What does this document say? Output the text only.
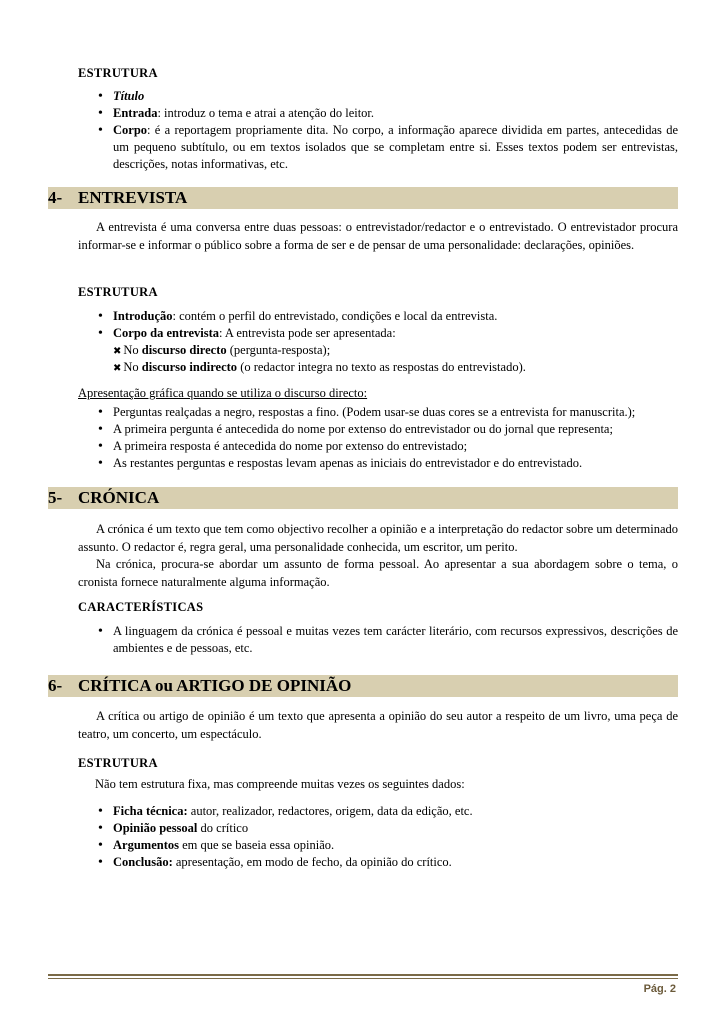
ESTRUTURA
• Título
• Entrada: introduz o tema e atrai a atenção do leitor.
• Corpo: é a reportagem propriamente dita. No corpo, a informação aparece dividida em partes, antecedidas de um pequeno subtítulo, ou em textos isolados que se completam entre si. Esses textos podem ser entrevistas, descrições, notas informativas, etc.
4- ENTREVISTA
A entrevista é uma conversa entre duas pessoas: o entrevistador/redactor e o entrevistado. O entrevistador procura informar-se e informar o público sobre a forma de ser e de pensar de uma personalidade: declarações, opiniões.
ESTRUTURA
• Introdução: contém o perfil do entrevistado, condições e local da entrevista.
• Corpo da entrevista: A entrevista pode ser apresentada:
✖ No discurso directo (pergunta-resposta);
✖ No discurso indirecto (o redactor integra no texto as respostas do entrevistado).
Apresentação gráfica quando se utiliza o discurso directo:
• Perguntas realçadas a negro, respostas a fino. (Podem usar-se duas cores se a entrevista for manuscrita.);
• A primeira pergunta é antecedida do nome por extenso do entrevistador ou do jornal que representa;
• A primeira resposta é antecedida do nome por extenso do entrevistado;
• As restantes perguntas e respostas levam apenas as iniciais do entrevistador e do entrevistado.
5- CRÓNICA
A crónica é um texto que tem como objectivo recolher a opinião e a interpretação do redactor sobre um determinado assunto. O redactor é, regra geral, uma personalidade conhecida, um escritor, um perito.
Na crónica, procura-se abordar um assunto de forma pessoal. Ao apresentar a sua abordagem sobre o tema, o cronista fornece naturalmente alguma informação.
CARACTERÍSTICAS
• A linguagem da crónica é pessoal e muitas vezes tem carácter literário, com recursos expressivos, descrições de ambientes e de pessoas, etc.
6- CRÍTICA ou ARTIGO DE OPINIÃO
A crítica ou artigo de opinião é um texto que apresenta a opinião do seu autor a respeito de um livro, uma peça de teatro, um concerto, um espectáculo.
ESTRUTURA
Não tem estrutura fixa, mas compreende muitas vezes os seguintes dados:
• Ficha técnica: autor, realizador, redactores, origem, data da edição, etc.
• Opinião pessoal do crítico
• Argumentos em que se baseia essa opinião.
• Conclusão: apresentação, em modo de fecho, da opinião do crítico.
Pág. 2
